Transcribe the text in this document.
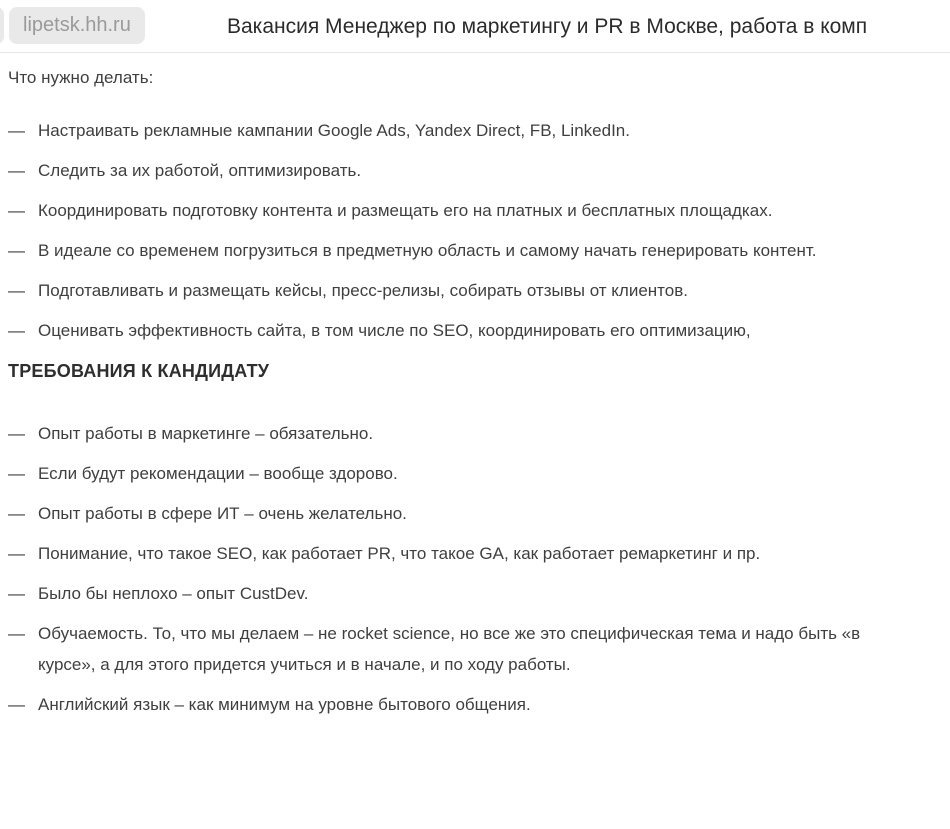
lipetsk.hh.ru	Вакансия Менеджер по маркетингу и PR в Москве, работа в комп

Что нужно делать:

— Настраивать рекламные кампании Google Ads, Yandex Direct, FB, LinkedIn.
— Следить за их работой, оптимизировать.
— Координировать подготовку контента и размещать его на платных и бесплатных площадках.
— В идеале со временем погрузиться в предметную область и самому начать генерировать контент.
— Подготавливать и размещать кейсы, пресс-релизы, собирать отзывы от клиентов.
— Оценивать эффективность сайта, в том числе по SEO, координировать его оптимизацию,
ТРЕБОВАНИЯ К КАНДИДАТУ
— Опыт работы в маркетинге – обязательно.
— Если будут рекомендации – вообще здорово.
— Опыт работы в сфере ИТ – очень желательно.
— Понимание, что такое SEO, как работает PR, что такое GA, как работает ремаркетинг и пр.
— Было бы неплохо – опыт CustDev.
— Обучаемость. То, что мы делаем – не rocket science, но все же это специфическая тема и надо быть «в курсе», а для этого придется учиться и в начале, и по ходу работы.
— Английский язык – как минимум на уровне бытового общения.
